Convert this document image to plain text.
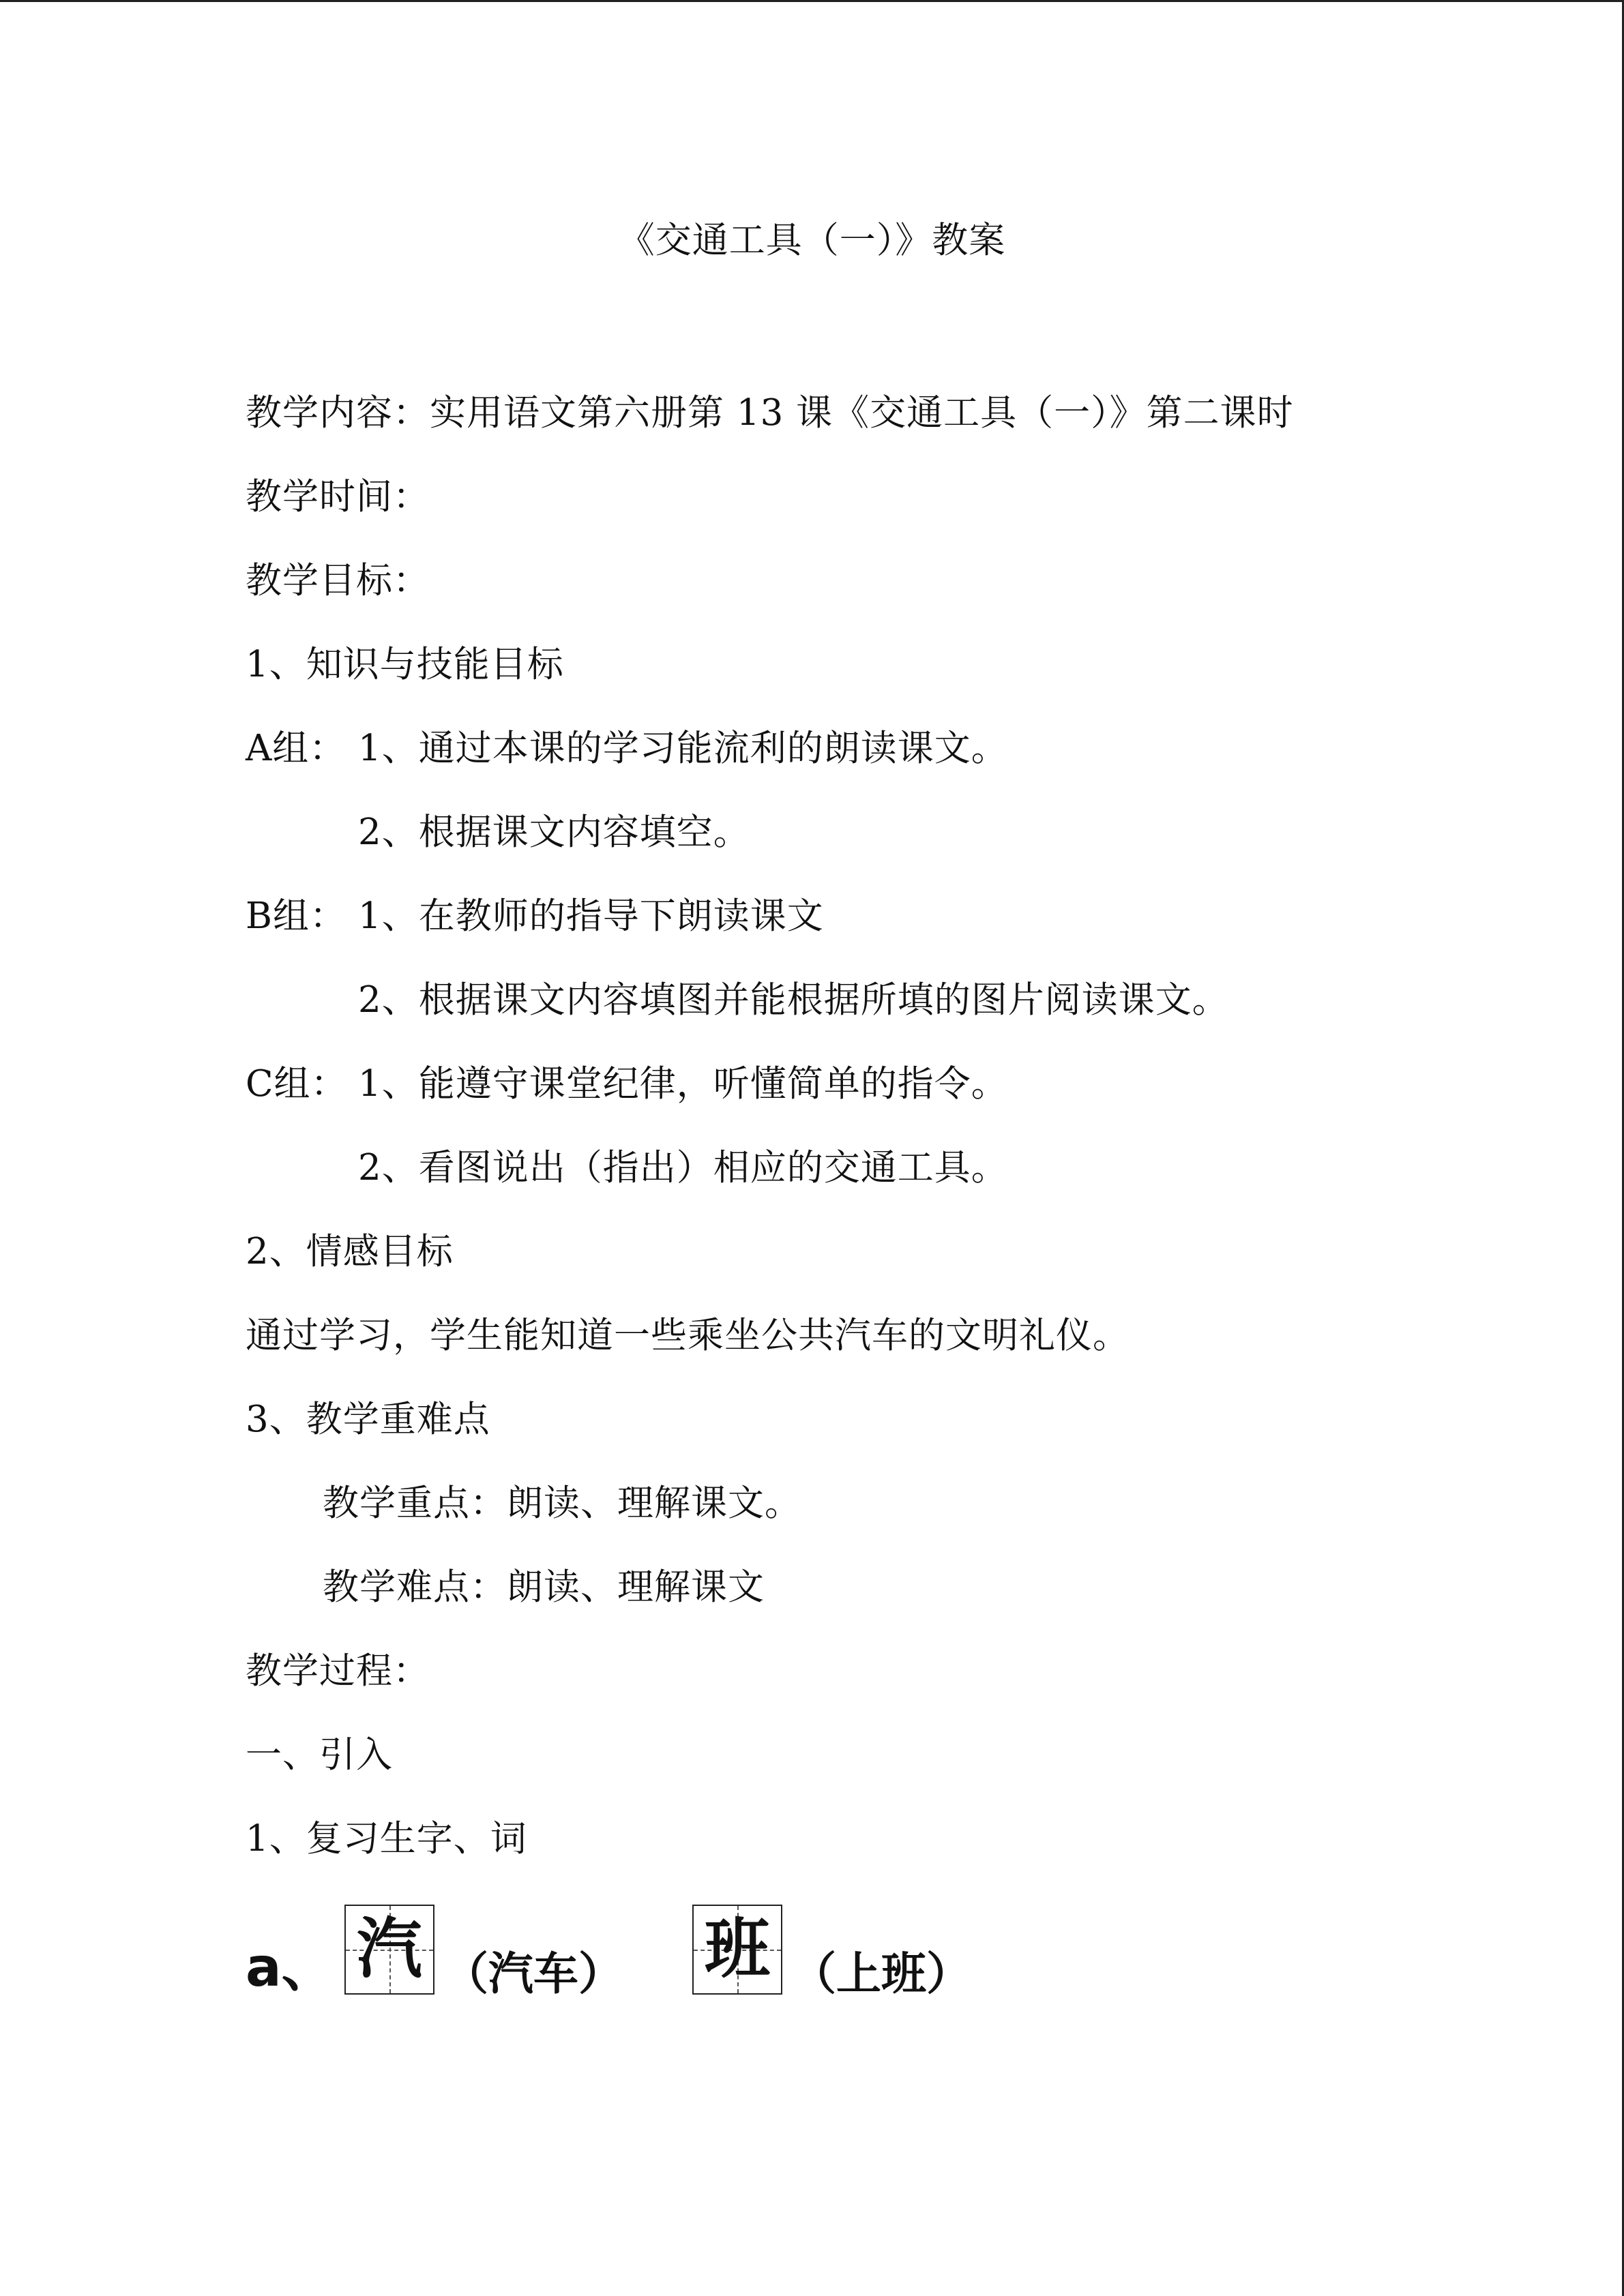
《交通工具（一）》教案
教学内容：实用语文第六册第 13 课《交通工具（一）》第二课时
教学时间：
教学目标：
1、知识与技能目标
A组： 1、通过本课的学习能流利的朗读课文。
2、根据课文内容填空。
B组： 1、在教师的指导下朗读课文
2、根据课文内容填图并能根据所填的图片阅读课文。
C组： 1、能遵守课堂纪律，听懂简单的指令。
2、看图说出（指出）相应的交通工具。
2、情感目标
通过学习，学生能知道一些乘坐公共汽车的文明礼仪。
3、教学重难点
教学重点：朗读、理解课文。
教学难点：朗读、理解课文
教学过程：
一、引入
1、复习生字、词
a、 汽 （汽车） 班 （上班）
